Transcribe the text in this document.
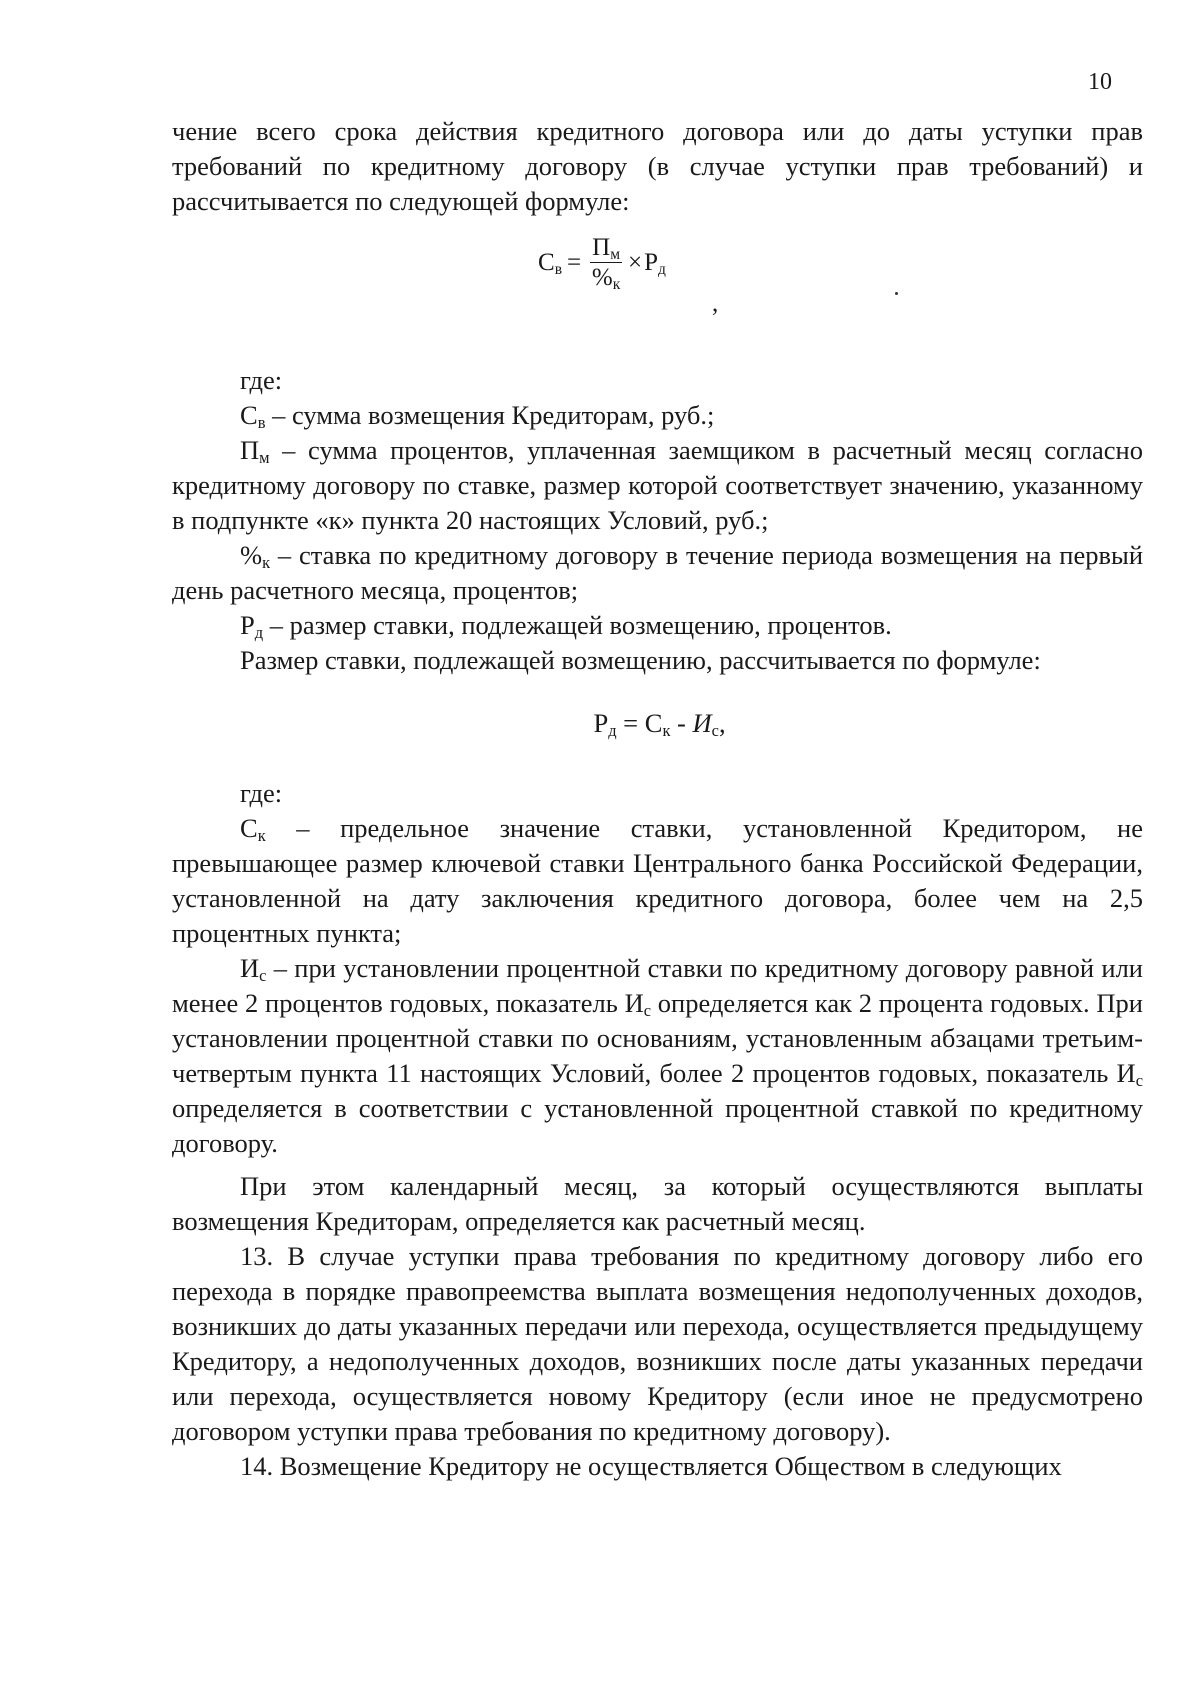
10
$С_в = \frac{П_м}{\%_к} \times Р_д$
,

чение всего срока действия кредитного договора или до даты уступки прав требований по кредитному договору (в случае уступки прав требований) и рассчитывается по следующей формуле:

где:

$С_в$ – сумма возмещения Кредиторам, руб.;

$П_м$ – сумма процентов, уплаченная заемщиком в расчетный месяц согласно кредитному договору по ставке, размер которой соответствует значению, указанному в подпункте «к» пункта 20 настоящих Условий, руб.;

$\%_к$ – ставка по кредитному договору в течение периода возмещения на первый день расчетного месяца, процентов;

$Р_д$ – размер ставки, подлежащей возмещению, процентов.

Размер ставки, подлежащей возмещению, рассчитывается по формуле:

$Р_д = С_к - И_с$,

где:

$С_к$ – предельное значение ставки, установленной Кредитором, не превышающее размер ключевой ставки Центрального банка Российской Федерации, установленной на дату заключения кредитного договора, более чем на 2,5 процентных пункта;

$И_с$ – при установлении процентной ставки по кредитному договору равной или менее 2 процентов годовых, показатель $И_с$ определяется как 2 процента годовых. При установлении процентной ставки по основаниям, установленным абзацами третьим-четвертым пункта 11 настоящих Условий, более 2 процентов годовых, показатель $И_с$ определяется в соответствии с установленной процентной ставкой по кредитному договору.

При этом календарный месяц, за который осуществляются выплаты возмещения Кредиторам, определяется как расчетный месяц.

13. В случае уступки права требования по кредитному договору либо его перехода в порядке правопреемства выплата возмещения недополученных доходов, возникших до даты указанных передачи или перехода, осуществляется предыдущему Кредитору, а недополученных доходов, возникших после даты указанных передачи или перехода, осуществляется новому Кредитору (если иное не предусмотрено договором уступки права требования по кредитному договору).

14. Возмещение Кредитору не осуществляется Обществом в следующих
